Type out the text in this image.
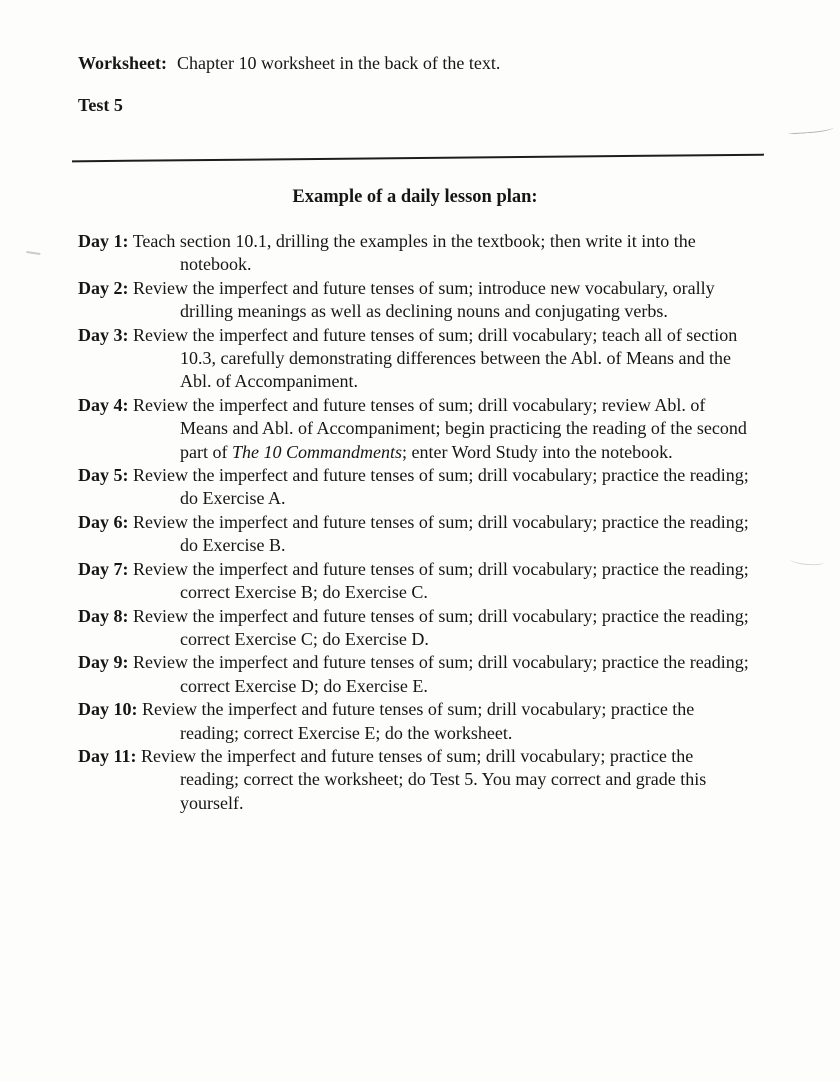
Worksheet: Chapter 10 worksheet in the back of the text.
Test 5
Example of a daily lesson plan:

Day 1: Teach section 10.1, drilling the examples in the textbook; then write it into the notebook.

Day 2: Review the imperfect and future tenses of sum; introduce new vocabulary, orally drilling meanings as well as declining nouns and conjugating verbs.

Day 3: Review the imperfect and future tenses of sum; drill vocabulary; teach all of section 10.3, carefully demonstrating differences between the Abl. of Means and the Abl. of Accompaniment.

Day 4: Review the imperfect and future tenses of sum; drill vocabulary; review Abl. of Means and Abl. of Accompaniment; begin practicing the reading of the second part of The 10 Commandments; enter Word Study into the notebook.

Day 5: Review the imperfect and future tenses of sum; drill vocabulary; practice the reading; do Exercise A.

Day 6: Review the imperfect and future tenses of sum; drill vocabulary; practice the reading; do Exercise B.

Day 7: Review the imperfect and future tenses of sum; drill vocabulary; practice the reading; correct Exercise B; do Exercise C.

Day 8: Review the imperfect and future tenses of sum; drill vocabulary; practice the reading; correct Exercise C; do Exercise D.

Day 9: Review the imperfect and future tenses of sum; drill vocabulary; practice the reading; correct Exercise D; do Exercise E.

Day 10: Review the imperfect and future tenses of sum; drill vocabulary; practice the reading; correct Exercise E; do the worksheet.

Day 11: Review the imperfect and future tenses of sum; drill vocabulary; practice the reading; correct the worksheet; do Test 5. You may correct and grade this yourself.
